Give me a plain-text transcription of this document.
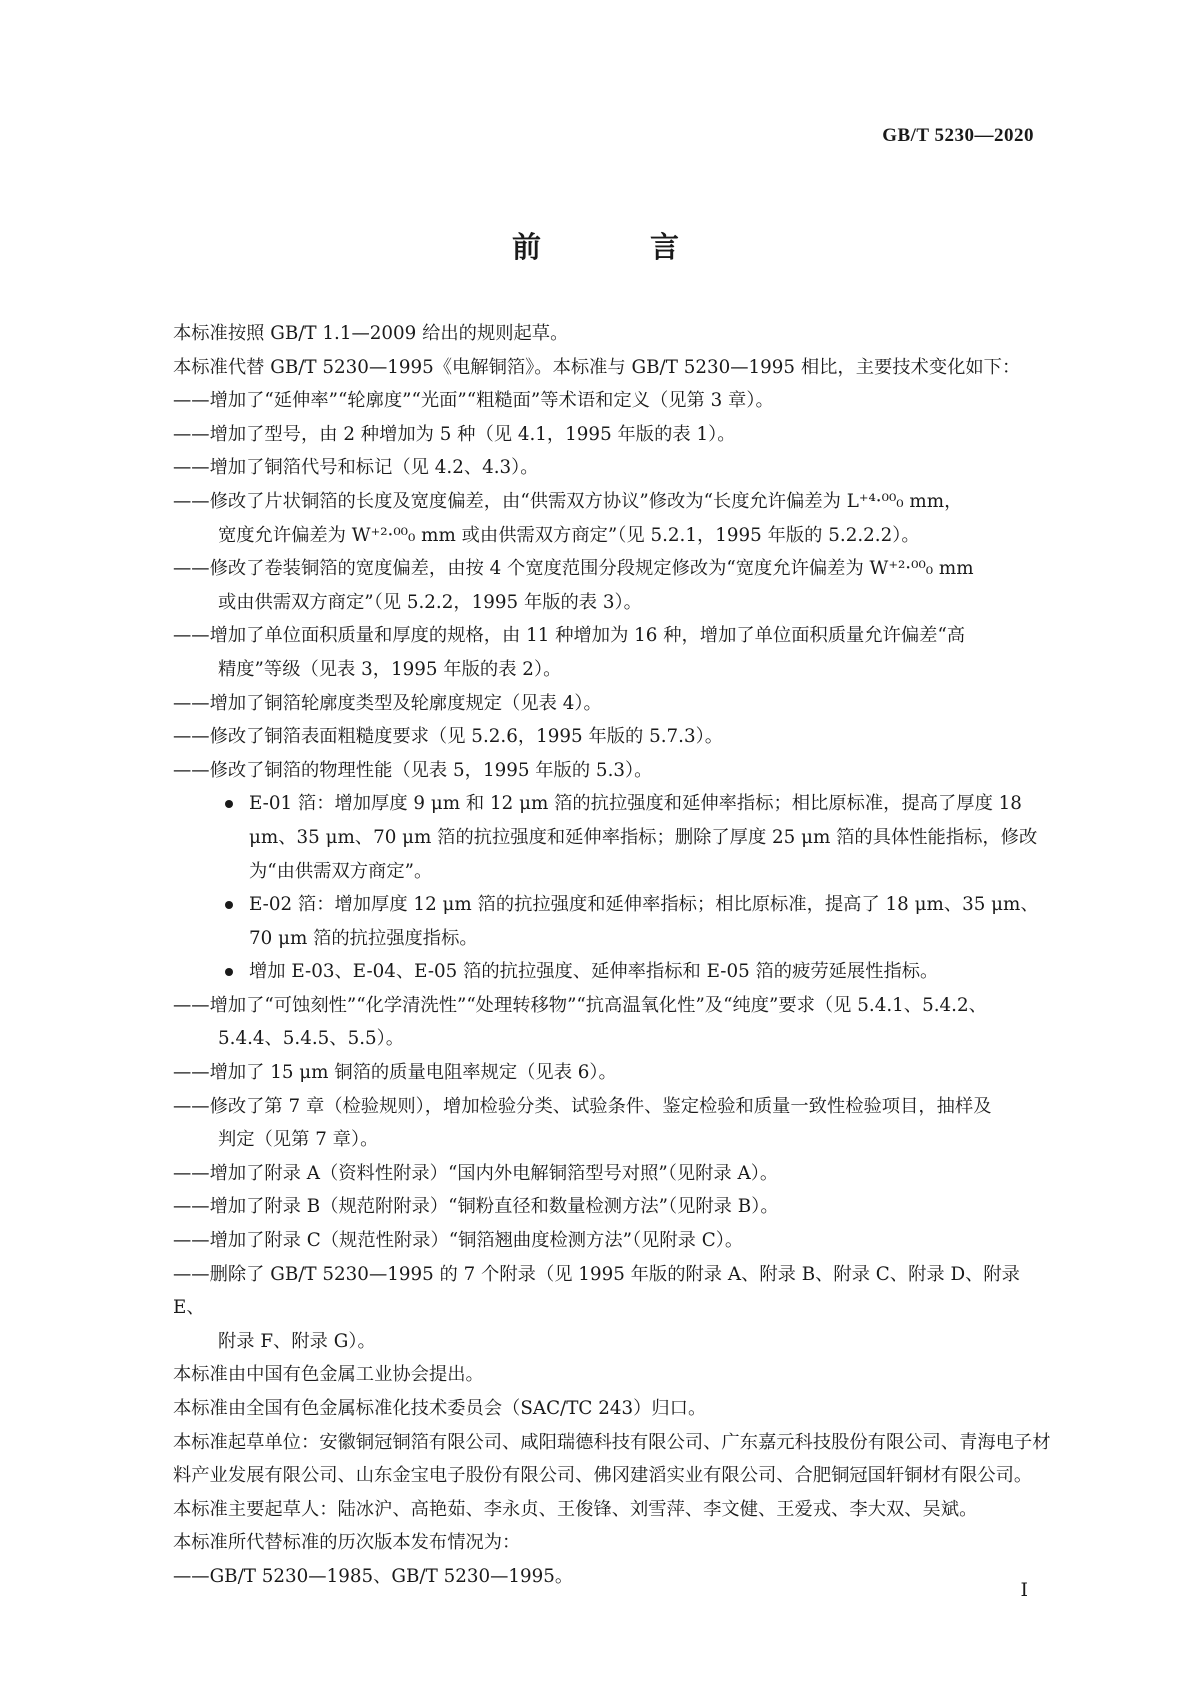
GB/T 5230—2020
前　言

本标准按照 GB/T 1.1—2009 给出的规则起草。

本标准代替 GB/T 5230—1995《电解铜箔》。本标准与 GB/T 5230—1995 相比，主要技术变化如下：

——增加了“延伸率”“轮廓度”“光面”“粗糙面”等术语和定义（见第 3 章）。
——增加了型号，由 2 种增加为 5 种（见 4.1，1995 年版的表 1）。
——增加了铜箔代号和标记（见 4.2、4.3）。
——修改了片状铜箔的长度及宽度偏差，由“供需双方协议”修改为“长度允许偏差为 L⁺⁴·⁰⁰₀ mm，
宽度允许偏差为 W⁺²·⁰⁰₀ mm 或由供需双方商定”（见 5.2.1，1995 年版的 5.2.2.2）。
——修改了卷装铜箔的宽度偏差，由按 4 个宽度范围分段规定修改为“宽度允许偏差为 W⁺²·⁰⁰₀ mm
或由供需双方商定”（见 5.2.2，1995 年版的表 3）。
——增加了单位面积质量和厚度的规格，由 11 种增加为 16 种，增加了单位面积质量允许偏差“高
精度”等级（见表 3，1995 年版的表 2）。
——增加了铜箔轮廓度类型及轮廓度规定（见表 4）。
——修改了铜箔表面粗糙度要求（见 5.2.6，1995 年版的 5.7.3）。
——修改了铜箔的物理性能（见表 5，1995 年版的 5.3）。
E-01 箔：增加厚度 9 μm 和 12 μm 箔的抗拉强度和延伸率指标；相比原标准，提高了厚度 18 μm、35 μm、70 μm 箔的抗拉强度和延伸率指标；删除了厚度 25 μm 箔的具体性能指标，修改为“由供需双方商定”。
E-02 箔：增加厚度 12 μm 箔的抗拉强度和延伸率指标；相比原标准，提高了 18 μm、35 μm、70 μm 箔的抗拉强度指标。
增加 E-03、E-04、E-05 箔的抗拉强度、延伸率指标和 E-05 箔的疲劳延展性指标。
——增加了“可蚀刻性”“化学清洗性”“处理转移物”“抗高温氧化性”及“纯度”要求（见 5.4.1、5.4.2、
5.4.4、5.4.5、5.5）。
——增加了 15 μm 铜箔的质量电阻率规定（见表 6）。
——修改了第 7 章（检验规则），增加检验分类、试验条件、鉴定检验和质量一致性检验项目，抽样及
判定（见第 7 章）。
——增加了附录 A（资料性附录）“国内外电解铜箔型号对照”（见附录 A）。
——增加了附录 B（规范附附录）“铜粉直径和数量检测方法”（见附录 B）。
——增加了附录 C（规范性附录）“铜箔翘曲度检测方法”（见附录 C）。
——删除了 GB/T 5230—1995 的 7 个附录（见 1995 年版的附录 A、附录 B、附录 C、附录 D、附录 E、
附录 F、附录 G）。

本标准由中国有色金属工业协会提出。

本标准由全国有色金属标准化技术委员会（SAC/TC 243）归口。

本标准起草单位：安徽铜冠铜箔有限公司、咸阳瑞德科技有限公司、广东嘉元科技股份有限公司、青海电子材料产业发展有限公司、山东金宝电子股份有限公司、佛冈建滔实业有限公司、合肥铜冠国轩铜材有限公司。

本标准主要起草人：陆冰沪、高艳茹、李永贞、王俊锋、刘雪萍、李文健、王爱戎、李大双、吴斌。

本标准所代替标准的历次版本发布情况为：

——GB/T 5230—1985、GB/T 5230—1995。

I
